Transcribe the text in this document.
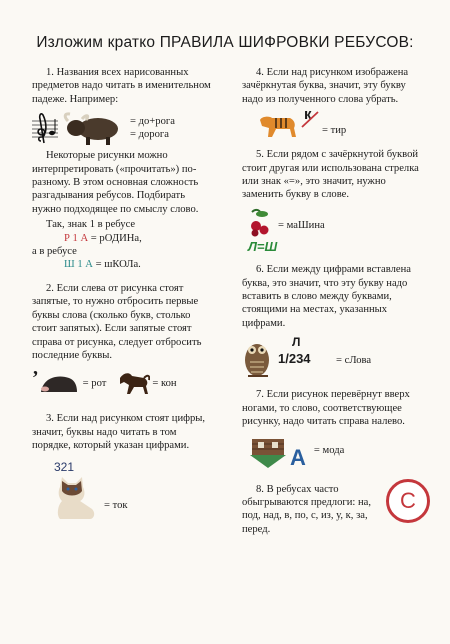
Изложим кратко ПРАВИЛА ШИФРОВКИ РЕБУСОВ:

1. Названия всех нарисованных предметов надо читать в именительном падеже. Например:

= до+рога
= дорога

Некоторые рисунки можно интерпретировать («прочитать») по-разному. В этом основная сложность разгадывания ребусов. Подбирать нужно подходящее по смыслу слово.

Так, знак 1 в ребусе

Р 1 А = рОДИНа,
а в ребусе
Ш 1 А = шКОЛа.

2. Если слева от рисунка стоят запятые, то нужно отбросить первые буквы слова (сколько букв, столько стоит запятых). Если запятые стоят справа от рисунка, следует отбросить последние буквы.

’	= рот	= кон

3. Если над рисунком стоят цифры, значит, буквы надо читать в том порядке, который указан цифрами.

321
= ток

4. Если над рисунком изображена зачёркнутая буква, значит, эту букву надо из полученного слова убрать.

к
= тир

5. Если рядом с зачёркнутой буквой стоит другая или использована стрелка или знак «=», это значит, нужно заменить букву в слове.

= маШина
Л=Ш

6. Если между цифрами вставлена буква, это значит, что эту букву надо вставить в слово между буквами, стоящими на местах, указанных цифрами.

Л
1/234 = сЛова

7. Если рисунок перевёрнут вверх ногами, то слово, соответствующее рисунку, надо читать справа налево.

А = мода

8. В ребусах часто обыгрываются предлоги: на, под, над, в, по, с, из, у, к, за, перед.

С
